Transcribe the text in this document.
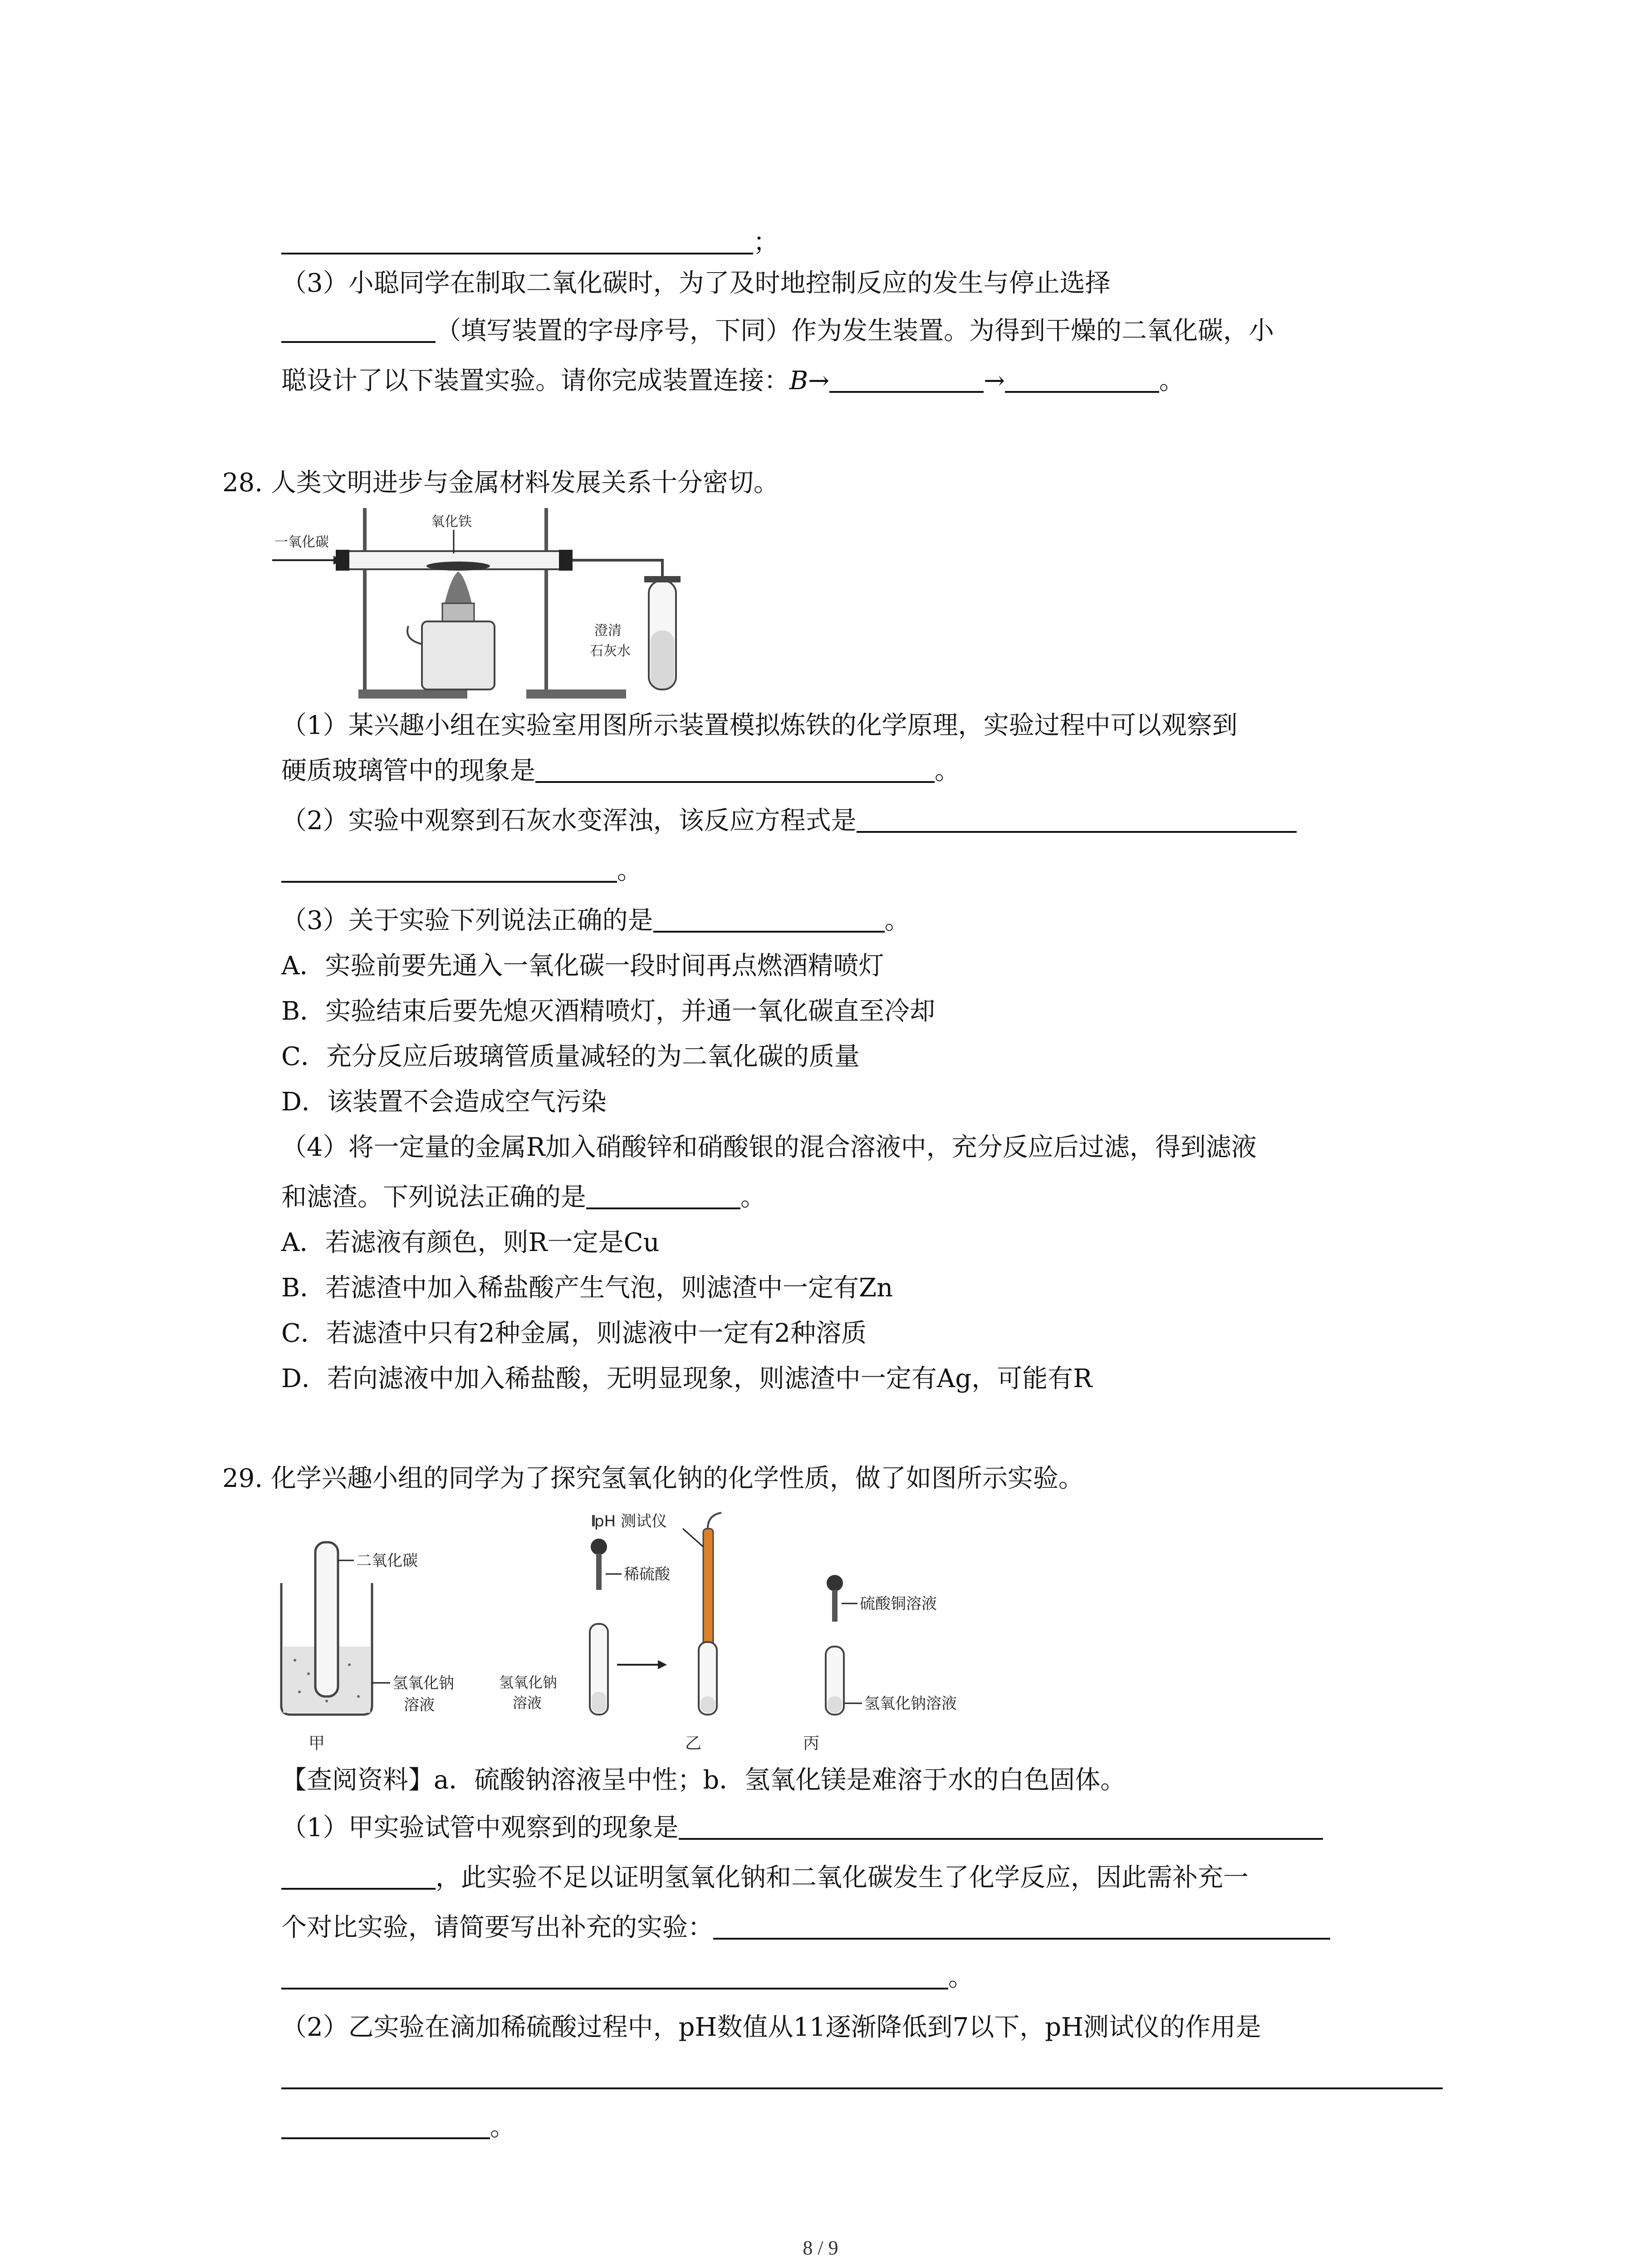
；
（3）小聪同学在制取二氧化碳时，为了及时地控制反应的发生与停止选择
（填写装置的字母序号，下同）作为发生装置。为得到干燥的二氧化碳，小
聪设计了以下装置实验。请你完成装置连接：B→	→	。
28. 人类文明进步与金属材料发展关系十分密切。
一氧化碳
氧化铁
澄清
石灰水
（1）某兴趣小组在实验室用图所示装置模拟炼铁的化学原理，实验过程中可以观察到
硬质玻璃管中的现象是	。
（2）实验中观察到石灰水变浑浊，该反应方程式是
。
（3）关于实验下列说法正确的是	。
A．实验前要先通入一氧化碳一段时间再点燃酒精喷灯
B．实验结束后要先熄灭酒精喷灯，并通一氧化碳直至冷却
C．充分反应后玻璃管质量减轻的为二氧化碳的质量
D．该装置不会造成空气污染
（4）将一定量的金属R加入硝酸锌和硝酸银的混合溶液中，充分反应后过滤，得到滤液
和滤渣。下列说法正确的是	。
A．若滤液有颜色，则R一定是Cu
B．若滤渣中加入稀盐酸产生气泡，则滤渣中一定有Zn
C．若滤渣中只有2种金属，则滤液中一定有2种溶质
D．若向滤液中加入稀盐酸，无明显现象，则滤渣中一定有Ag，可能有R
29. 化学兴趣小组的同学为了探究氢氧化钠的化学性质，做了如图所示实验。
二氧化碳
氢氧化钠
溶液
甲
pH 测试仪
稀硫酸
氢氧化钠
溶液
乙
硫酸铜溶液
氢氧化钠溶液
丙
【查阅资料】a．硫酸钠溶液呈中性；b．氢氧化镁是难溶于水的白色固体。
（1）甲实验试管中观察到的现象是
，此实验不足以证明氢氧化钠和二氧化碳发生了化学反应，因此需补充一
个对比实验，请简要写出补充的实验：
。
（2）乙实验在滴加稀硫酸过程中，pH数值从11逐渐降低到7以下，pH测试仪的作用是
。
8 / 9
